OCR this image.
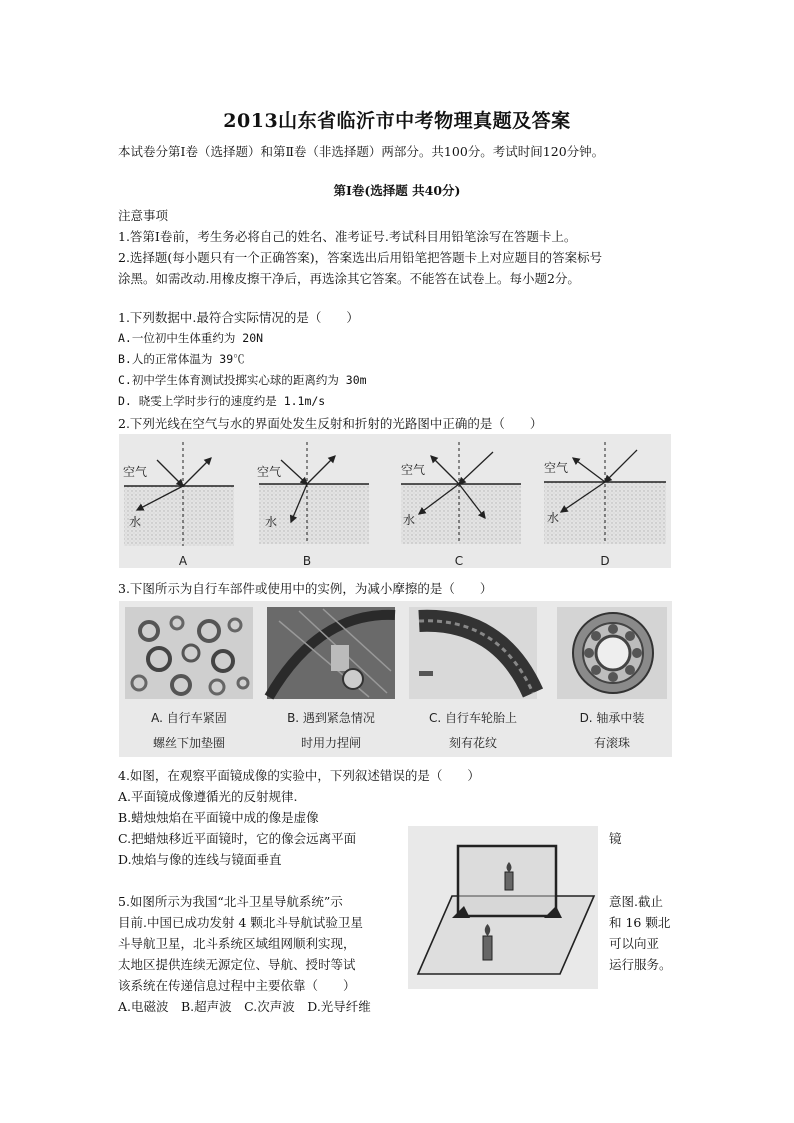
2013山东省临沂市中考物理真题及答案
本试卷分第Ⅰ卷（选择题）和第Ⅱ卷（非选择题）两部分。共100分。考试时间120分钟。
第Ⅰ卷(选择题 共40分)
注意事项
1.答第Ⅰ卷前，考生务必将自己的姓名、准考证号.考试科目用铅笔涂写在答题卡上。
2.选择题(每小题只有一个正确答案)，答案选出后用铅笔把答题卡上对应题目的答案标号
涂黑。如需改动.用橡皮擦干净后，再选涂其它答案。不能答在试卷上。每小题2分。
1.下列数据中.最符合实际情况的是（　　）
A.一位初中生体重约为 20N
B.人的正常体温为 39℃
C.初中学生体育测试投掷实心球的距离约为 30m
D. 晓雯上学时步行的速度约是 1.1m/s
2.下列光线在空气与水的界面处发生反射和折射的光路图中正确的是（　　）
空气
水
A
空气
水
B
空气
水
C
空气
水
D
3.下图所示为自行车部件或使用中的实例，为减小摩擦的是（　　）
A. 自行车紧固
螺丝下加垫圈
B. 遇到紧急情况
时用力捏闸
C. 自行车轮胎上
刻有花纹
D. 轴承中装
有滚珠
4.如图，在观察平面镜成像的实验中，下列叙述错误的是（　　）
A.平面镜成像遵循光的反射规律.
B.蜡烛烛焰在平面镜中成的像是虚像
C.把蜡烛移近平面镜时，它的像会远离平面	镜
D.烛焰与像的连线与镜面垂直
5.如图所示为我国“北斗卫星导航系统”示
目前.中国已成功发射 4 颗北斗导航试验卫星
斗导航卫星，北斗系统区域组网顺利实现，
太地区提供连续无源定位、导航、授时等试
该系统在传递信息过程中主要依靠（　　）
意图.截止
和 16 颗北
可以向亚
运行服务。
A.电磁波　B.超声波　C.次声波　D.光导纤维
